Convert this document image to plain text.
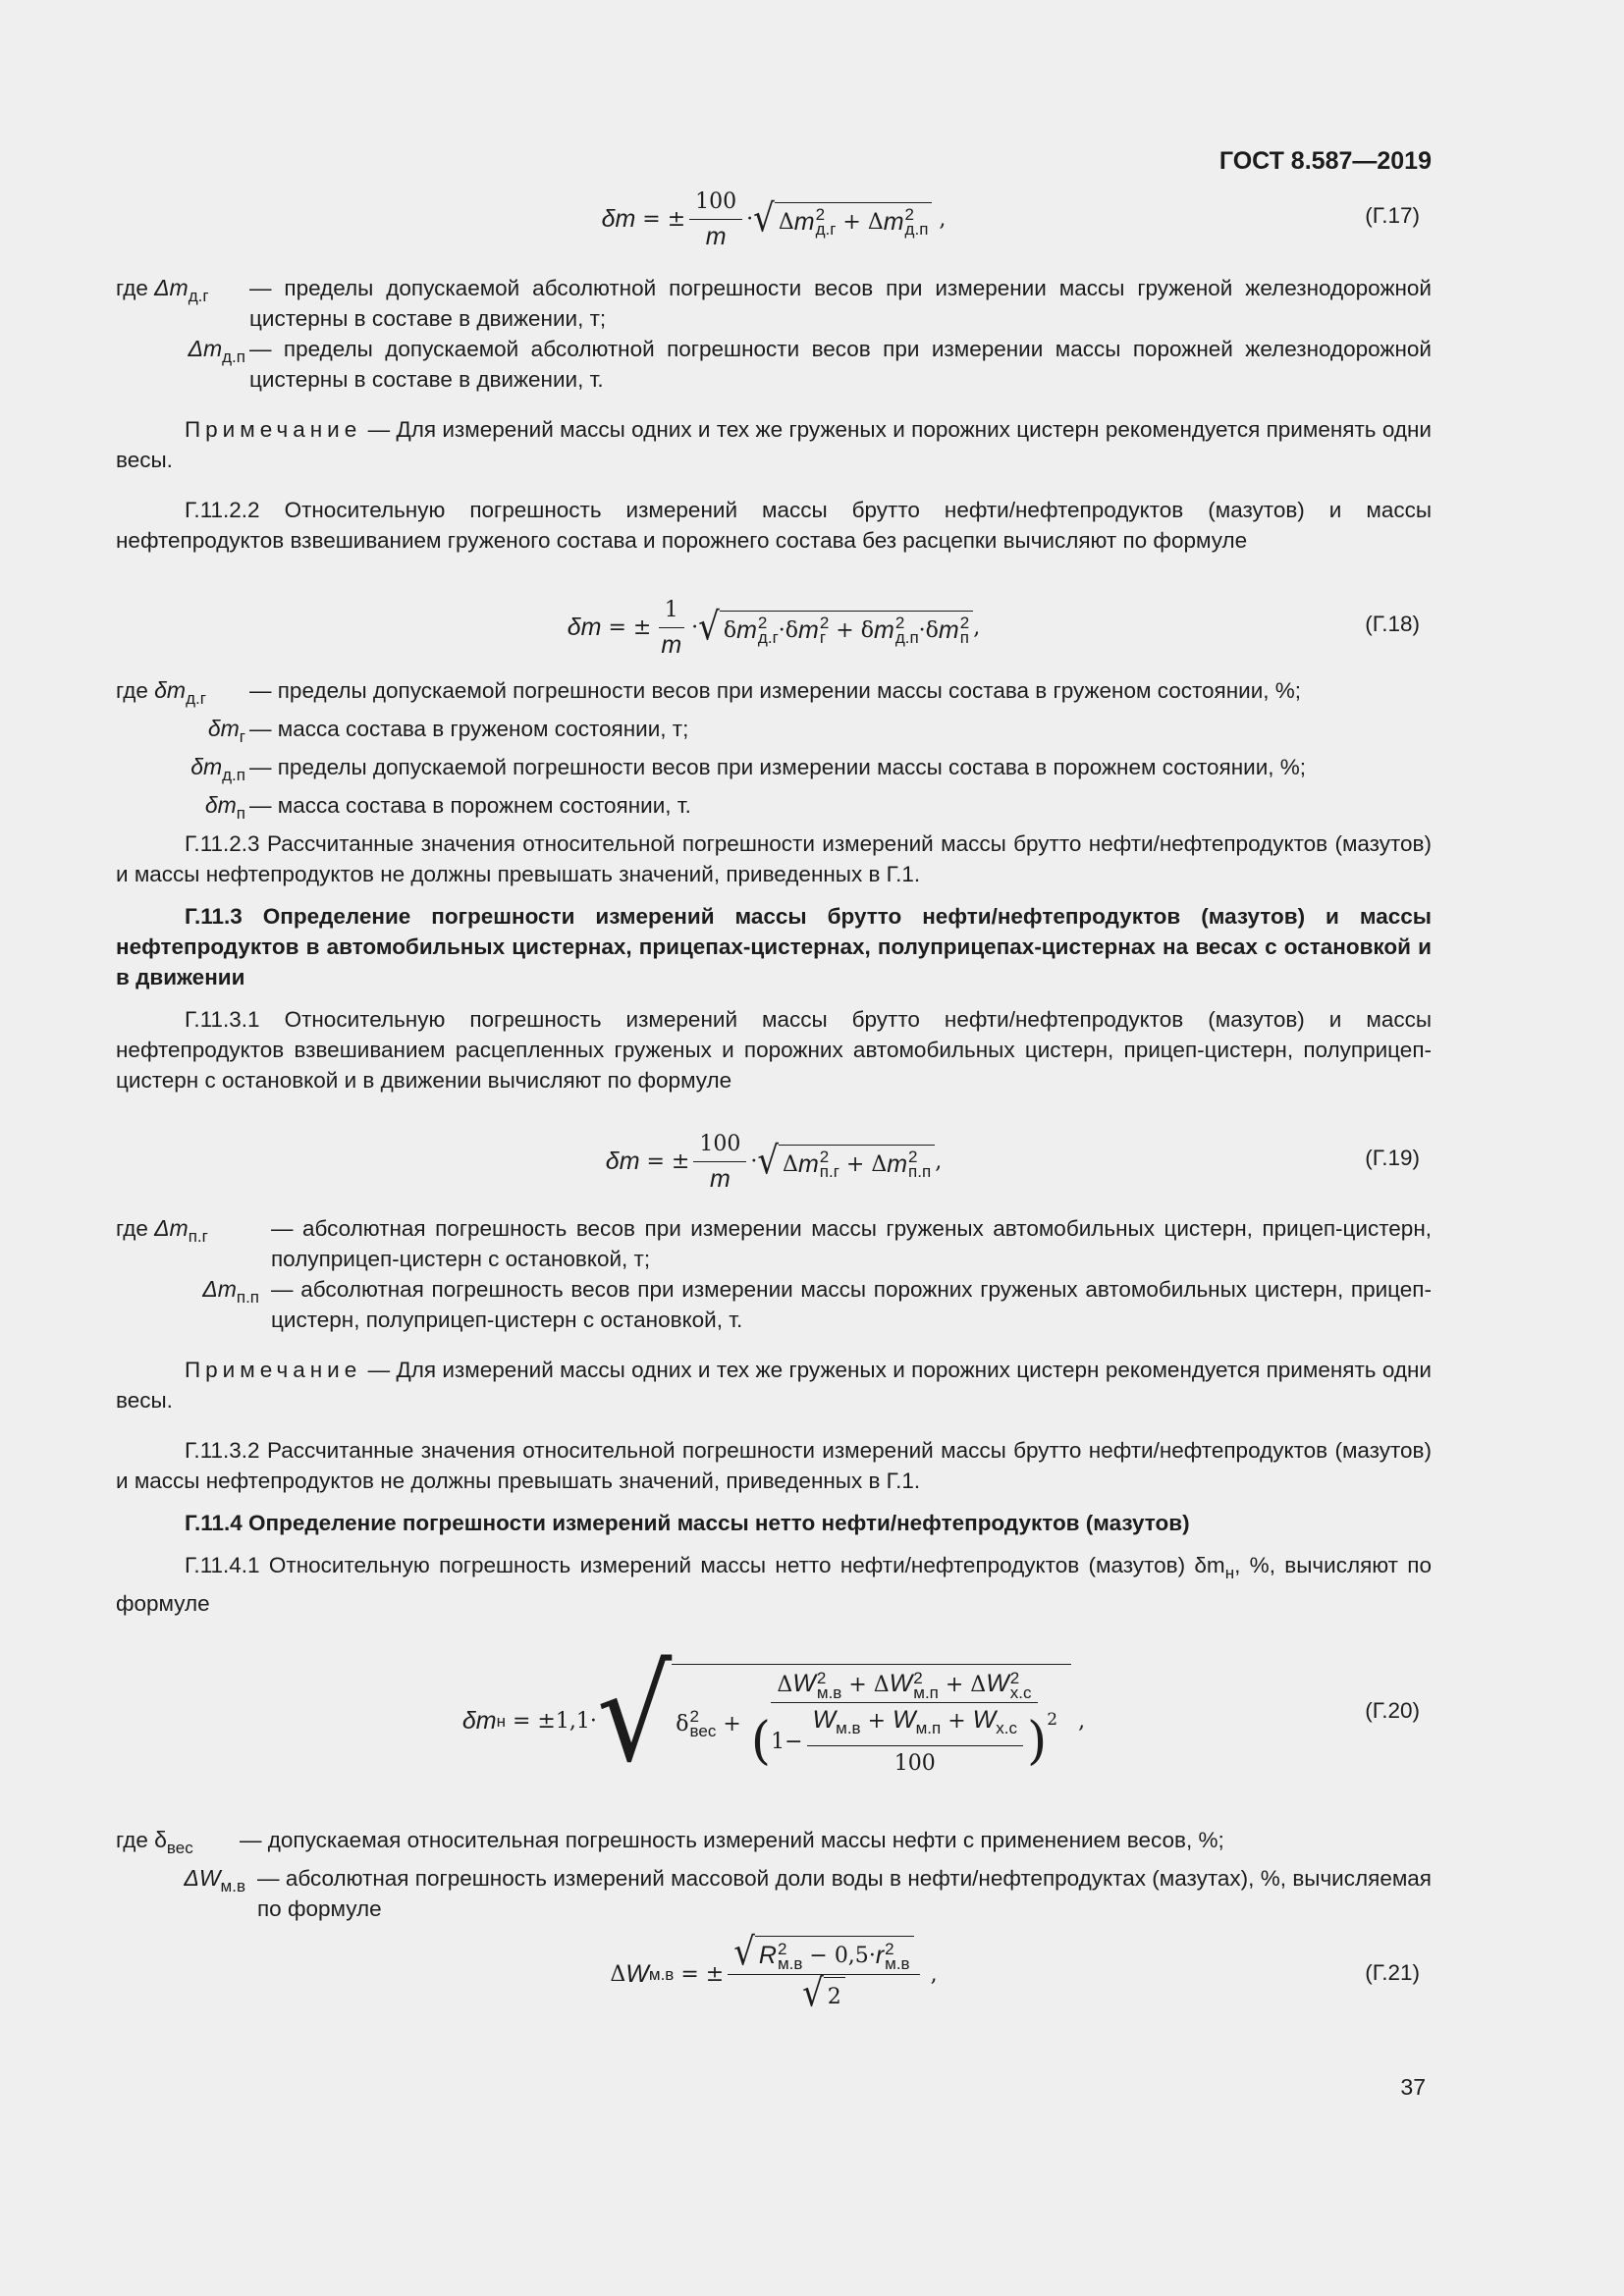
ГОСТ 8.587—2019
δm = ± $\frac{100}{m}$ · √ Δ m 2
д.г + Δ m 2
д.п ,	(Г.17)
где $\Delta m_{д.г}$	— пределы допускаемой абсолютной погрешности весов при измерении массы груженой железнодорожной цистерны в составе в движении, т;
$\Delta m_{д.п}$ — пределы допускаемой абсолютной погрешности весов при измерении массы порожней железнодорожной цистерны в составе в движении, т.

Примечание — Для измерений массы одних и тех же груженых и порожних цистерн рекомендуется применять одни весы.

Г.11.2.2 Относительную погрешность измерений массы брутто нефти/нефтепродуктов (мазутов) и массы нефтепродуктов взвешиванием груженого состава и порожнего состава без расцепки вычисляют по формуле

δm = ± $\frac{1}{m}$ · √ δ m 2
д.г ·δ m 2
г + δ m 2
д.п ·δ m 2
п ,	(Г.18)
где $\delta m_{д.г}$	— пределы допускаемой погрешности весов при измерении массы состава в груженом состоянии, %;
$\delta m_г$ — масса состава в груженом состоянии, т;
$\delta m_{д.п}$ — пределы допускаемой погрешности весов при измерении массы состава в порожнем состоянии, %;
$\delta m_п$ — масса состава в порожнем состоянии, т.

Г.11.2.3 Рассчитанные значения относительной погрешности измерений массы брутто нефти/нефтепродуктов (мазутов) и массы нефтепродуктов не должны превышать значений, приведенных в Г.1.

Г.11.3 Определение погрешности измерений массы брутто нефти/нефтепродуктов (мазутов) и массы нефтепродуктов в автомобильных цистернах, прицепах-цистернах, полуприцепах-цистернах на весах с остановкой и в движении

Г.11.3.1 Относительную погрешность измерений массы брутто нефти/нефтепродуктов (мазутов) и массы нефтепродуктов взвешиванием расцепленных груженых и порожних автомобильных цистерн, прицеп-цистерн, полуприцеп-цистерн с остановкой и в движении вычисляют по формуле

δm = ± $\frac{100}{m}$ · √ Δ m 2
п.г + Δ m 2
п.п ,	(Г.19)
где $\Delta m_{п.г}$	— абсолютная погрешность весов при измерении массы груженых автомобильных цистерн, прицеп-цистерн, полуприцеп-цистерн с остановкой, т;
$\Delta m_{п.п}$ — абсолютная погрешность весов при измерении массы порожних груженых автомобильных цистерн, прицеп-цистерн, полуприцеп-цистерн с остановкой, т.

Примечание — Для измерений массы одних и тех же груженых и порожних цистерн рекомендуется применять одни весы.

Г.11.3.2 Рассчитанные значения относительной погрешности измерений массы брутто нефти/нефтепродуктов (мазутов) и массы нефтепродуктов не должны превышать значений, приведенных в Г.1.

Г.11.4 Определение погрешности измерений массы нетто нефти/нефтепродуктов (мазутов)

Г.11.4.1 Относительную погрешность измерений массы нетто нефти/нефтепродуктов (мазутов) $\delta m_н$, %, вычисляют по формуле

δm н = ±1,1· √ δ 2
вес + ΔW 2
м.в + ΔW 2
м.п + ΔW 2
х.с
( $1- \frac{W_{м.в} + W_{м.п} + W_{х.с}}{100} )^2$ ,	(Г.20)
где $\delta_{вес}$	— допускаемая относительная погрешность измерений массы нефти с применением весов, %;
$\Delta W_{м.в}$ — абсолютная погрешность измерений массовой доли воды в нефти/нефтепродуктах (мазутах), %, вычисляемая по формуле
Δ W м.в = ± √ R 2
м.в − 0,5 · r 2
м.в
√ 2 ,	(Г.21)
37
